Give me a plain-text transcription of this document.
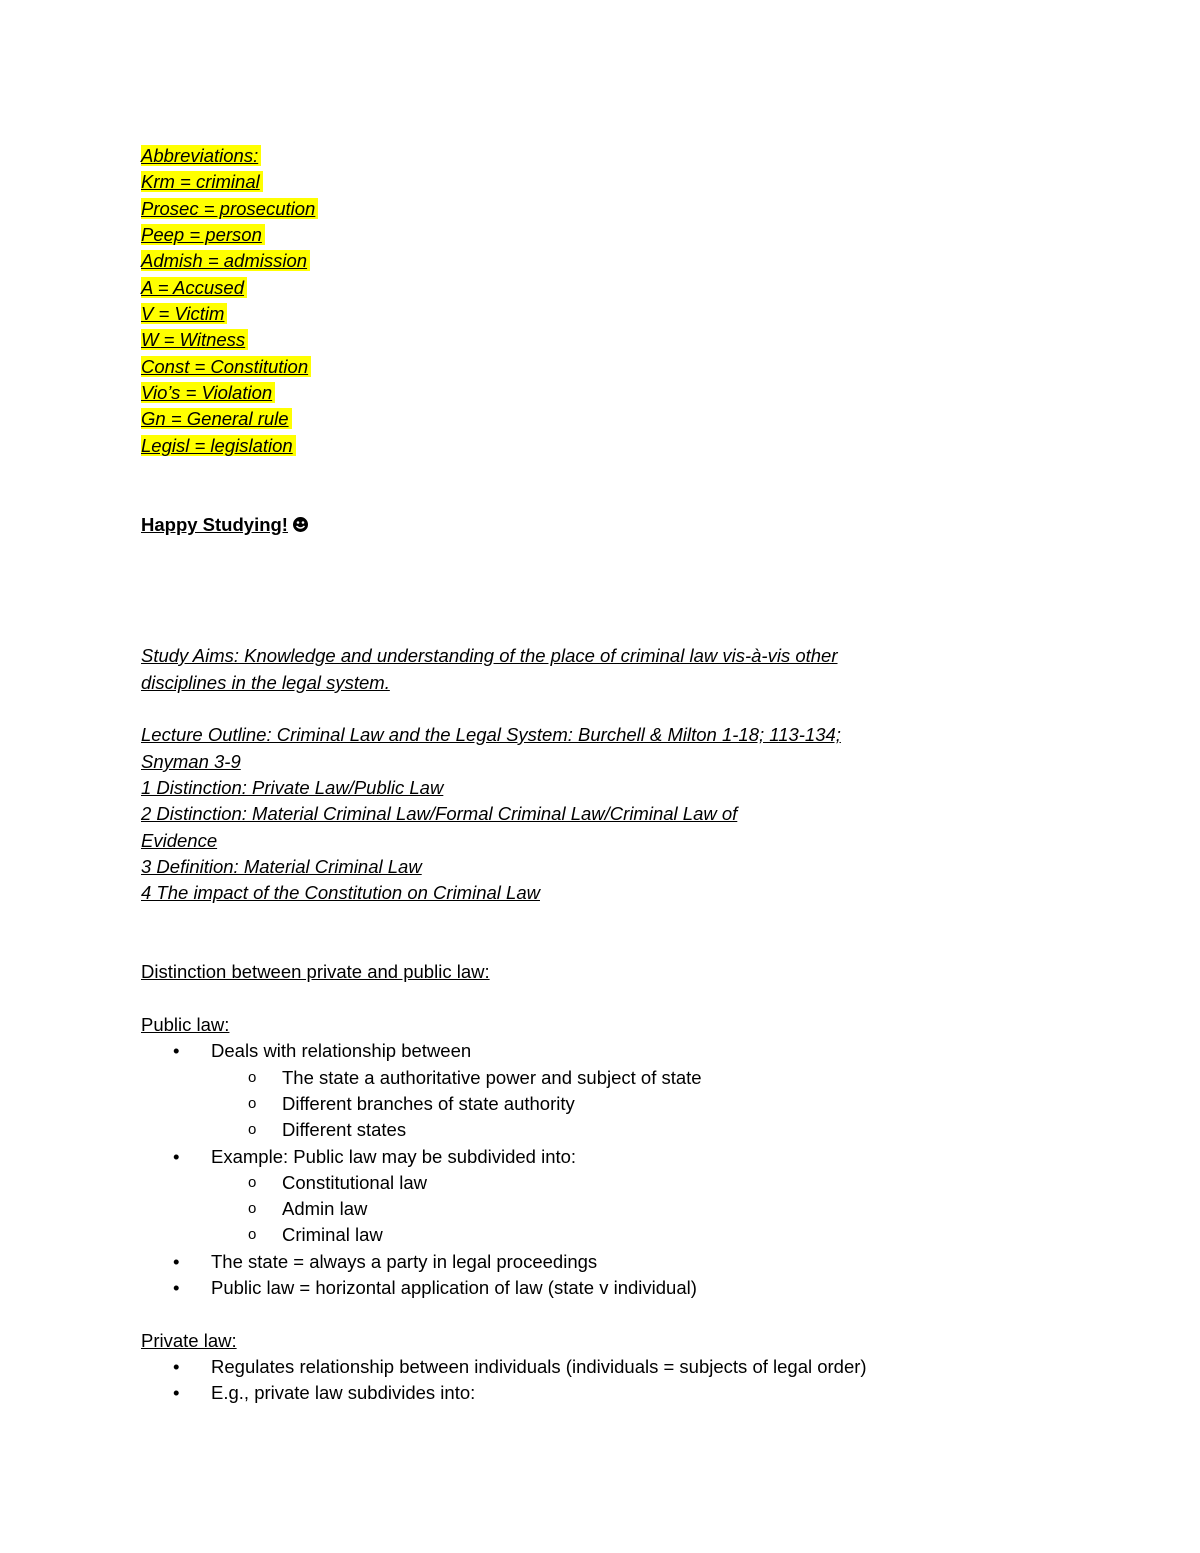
Abbreviations:
Krm = criminal
Prosec = prosecution
Peep = person
Admish = admission
A = Accused
V = Victim
W = Witness
Const = Constitution
Vio’s = Violation
Gn = General rule
Legisl = legislation
Happy Studying!
Study Aims: Knowledge and understanding of the place of criminal law vis-à-vis other
disciplines in the legal system.
Lecture Outline: Criminal Law and the Legal System: Burchell & Milton 1-18; 113-134;
Snyman 3-9
1 Distinction: Private Law/Public Law
2 Distinction: Material Criminal Law/Formal Criminal Law/Criminal Law of
Evidence
3 Definition: Material Criminal Law
4 The impact of the Constitution on Criminal Law
Distinction between private and public law:
Public law:
• Deals with relationship between
o The state a authoritative power and subject of state
o Different branches of state authority
o Different states
• Example: Public law may be subdivided into:
o Constitutional law
o Admin law
o Criminal law
• The state = always a party in legal proceedings
• Public law = horizontal application of law (state v individual)
Private law:
• Regulates relationship between individuals (individuals = subjects of legal order)
• E.g., private law subdivides into:
